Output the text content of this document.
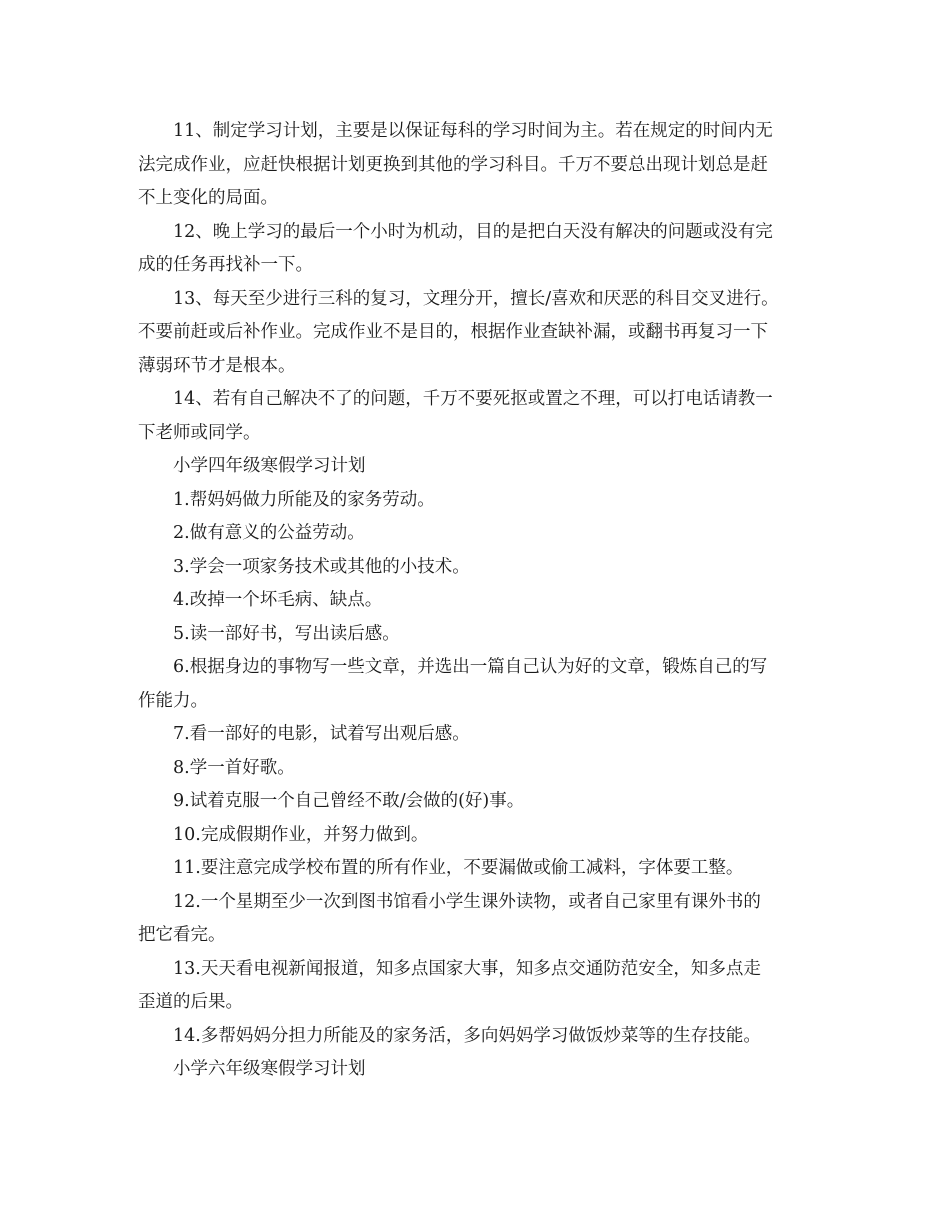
11、制定学习计划，主要是以保证每科的学习时间为主。若在规定的时间内无
法完成作业，应赶快根据计划更换到其他的学习科目。千万不要总出现计划总是赶
不上变化的局面。

12、晚上学习的最后一个小时为机动，目的是把白天没有解决的问题或没有完
成的任务再找补一下。

13、每天至少进行三科的复习，文理分开，擅长/喜欢和厌恶的科目交叉进行。
不要前赶或后补作业。完成作业不是目的，根据作业查缺补漏，或翻书再复习一下
薄弱环节才是根本。

14、若有自己解决不了的问题，千万不要死抠或置之不理，可以打电话请教一
下老师或同学。

小学四年级寒假学习计划

1.帮妈妈做力所能及的家务劳动。

2.做有意义的公益劳动。

3.学会一项家务技术或其他的小技术。

4.改掉一个坏毛病、缺点。

5.读一部好书，写出读后感。

6.根据身边的事物写一些文章，并选出一篇自己认为好的文章，锻炼自己的写
作能力。

7.看一部好的电影，试着写出观后感。

8.学一首好歌。

9.试着克服一个自己曾经不敢/会做的(好)事。

10.完成假期作业，并努力做到。

11.要注意完成学校布置的所有作业，不要漏做或偷工减料，字体要工整。

12.一个星期至少一次到图书馆看小学生课外读物，或者自己家里有课外书的
把它看完。

13.天天看电视新闻报道，知多点国家大事，知多点交通防范安全，知多点走
歪道的后果。

14.多帮妈妈分担力所能及的家务活，多向妈妈学习做饭炒菜等的生存技能。

小学六年级寒假学习计划
